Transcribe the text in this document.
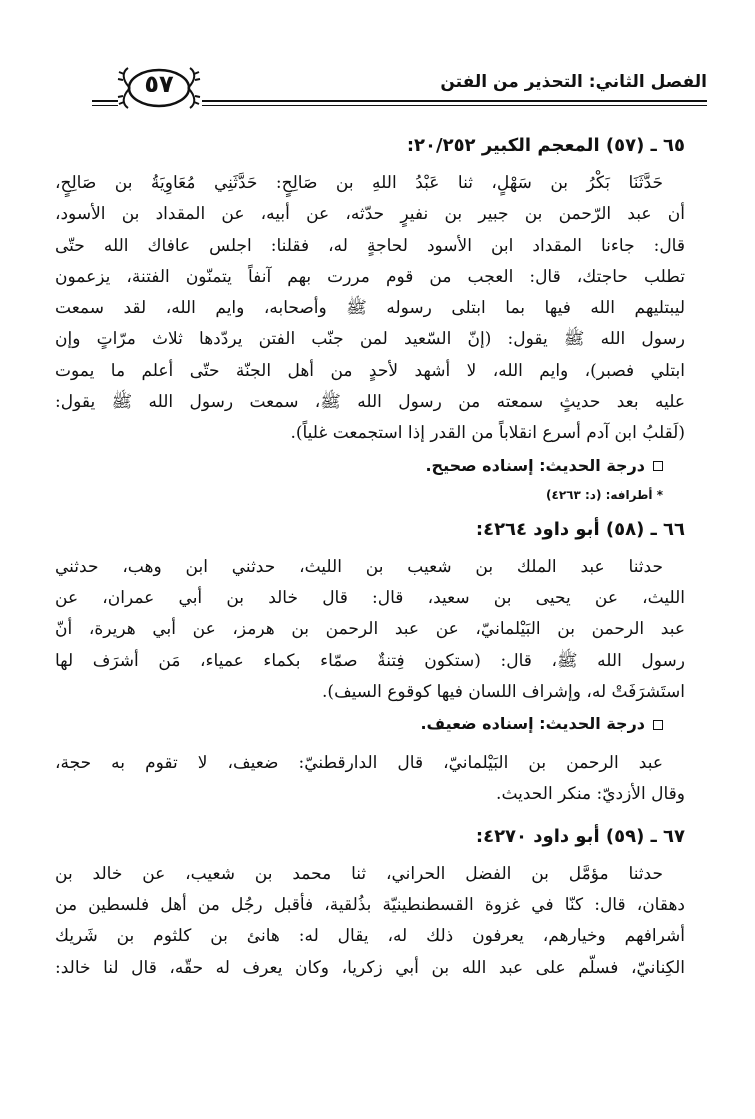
الفصل الثاني: التحذير من الفتن
٥٧
٦٥ ـ (٥٧) المعجم الكبير ٢٠/٢٥٢:
حَدَّثَنَا بَكْرُ بن سَهْلٍ، ثنا عَبْدُ اللهِ بن صَالِحٍ: حَدَّثَنِي مُعَاوِيَةُ بن صَالِحٍ،
أن عبد الرّحمن بن جبير بن نفيرٍ حدّثه، عن أبيه، عن المقداد بن الأسود،
قال: جاءنا المقداد ابن الأسود لحاجةٍ له، فقلنا: اجلس عافاك الله حتّى
تطلب حاجتك، قال: العجب من قوم مررت بهم آنفاً يتمنّون الفتنة، يزعمون
ليبتليهم الله فيها بما ابتلى رسوله ﷺ وأصحابه، وايم الله، لقد سمعت
رسول الله ﷺ يقول: (إنّ السّعيد لمن جنّب الفتن يردّدها ثلاث مرّاتٍ وإن
ابتلي فصبر)، وايم الله، لا أشهد لأحدٍ من أهل الجنّة حتّى أعلم ما يموت
عليه بعد حديثٍ سمعته من رسول الله ﷺ، سمعت رسول الله ﷺ يقول:
(لَقلبُ ابن آدم أسرع انقلاباً من القدر إذا استجمعت غلياً).
درجة الحديث: إسناده صحيح.
* أطرافه: (د: ٤٢٦٣)
٦٦ ـ (٥٨) أبو داود ٤٢٦٤:
حدثنا عبد الملك بن شعيب بن الليث، حدثني ابن وهب، حدثني
الليث، عن يحيى بن سعيد، قال: قال خالد بن أبي عمران، عن
عبد الرحمن بن البَيْلمانيّ، عن عبد الرحمن بن هرمز، عن أبي هريرة، أنّ
رسول الله ﷺ، قال: (ستكون فِتنةٌ صمّاء بكماء عمياء، مَن أشرَف لها
استَشرَفَتْ له، وإشراف اللسان فيها كوقوع السيف).
درجة الحديث: إسناده ضعيف.
عبد الرحمن بن البَيْلمانيّ، قال الدارقطنيّ: ضعيف، لا تقوم به حجة،
وقال الأزديّ: منكر الحديث.
٦٧ ـ (٥٩) أبو داود ٤٢٧٠:
حدثنا مؤمَّل بن الفضل الحراني، ثنا محمد بن شعيب، عن خالد بن
دهقان، قال: كنّا في غزوة القسطنطينيّة بذُلقية، فأقبل رجُل من أهل فلسطين من
أشرافهم وخيارهم، يعرفون ذلك له، يقال له: هانئ بن كلثوم بن شَريك
الكِنانيّ، فسلّم على عبد الله بن أبي زكريا، وكان يعرف له حقّه، قال لنا خالد:
